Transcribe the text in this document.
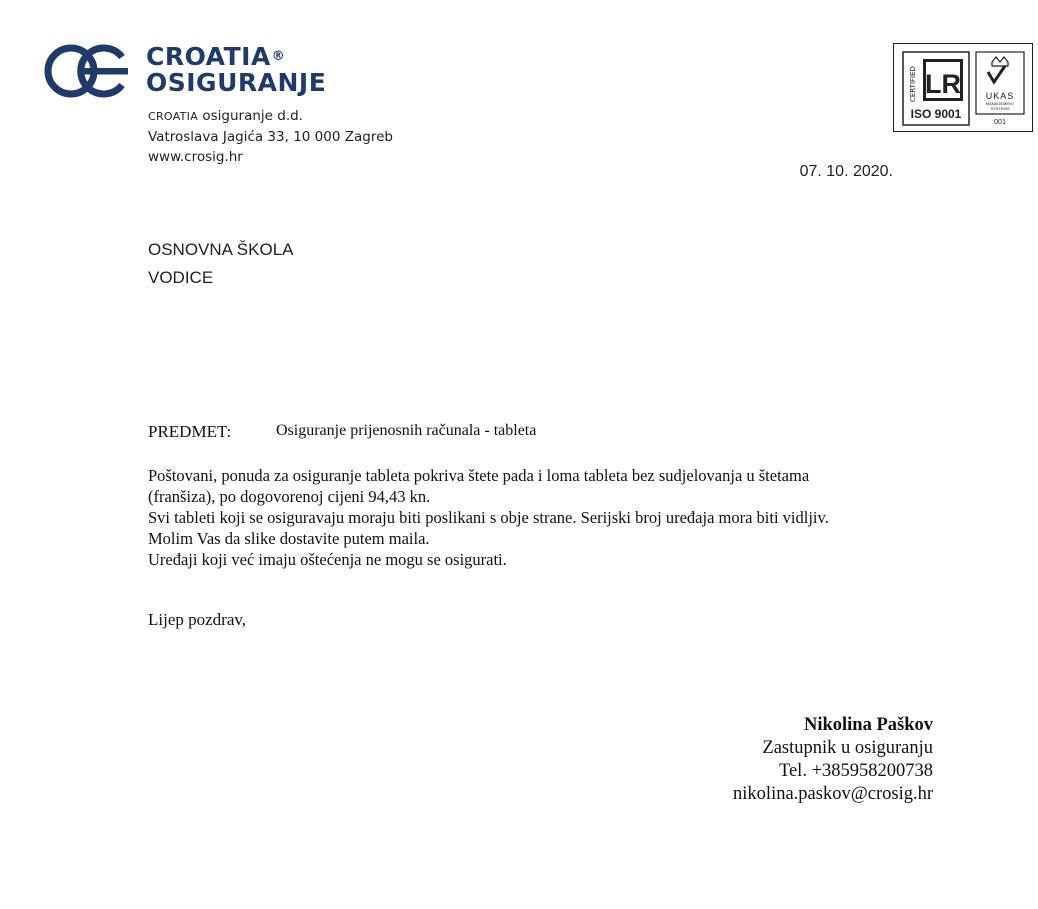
CROATIA®
OSIGURANJE
CROATIA osiguranje d.d.
Vatroslava Jagića 33, 10 000 Zagreb
www.crosig.hr
CERTIFIED LR
ISO 9001
UKAS
MANAGEMENT
SYSTEMS
001
07. 10. 2020.
OSNOVNA ŠKOLA
VODICE
PREDMET:	Osiguranje prijenosnih računala - tableta

Poštovani, ponuda za osiguranje tableta pokriva štete pada i loma tableta bez sudjelovanja u štetama

(franšiza), po dogovorenoj cijeni 94,43 kn.

Svi tableti koji se osiguravaju moraju biti poslikani s obje strane. Serijski broj uređaja mora biti vidljiv.

Molim Vas da slike dostavite putem maila.

Uređaji koji već imaju oštećenja ne mogu se osigurati.

Lijep pozdrav,
Nikolina Paškov
Zastupnik u osiguranju
Tel. +385958200738
nikolina.paskov@crosig.hr
